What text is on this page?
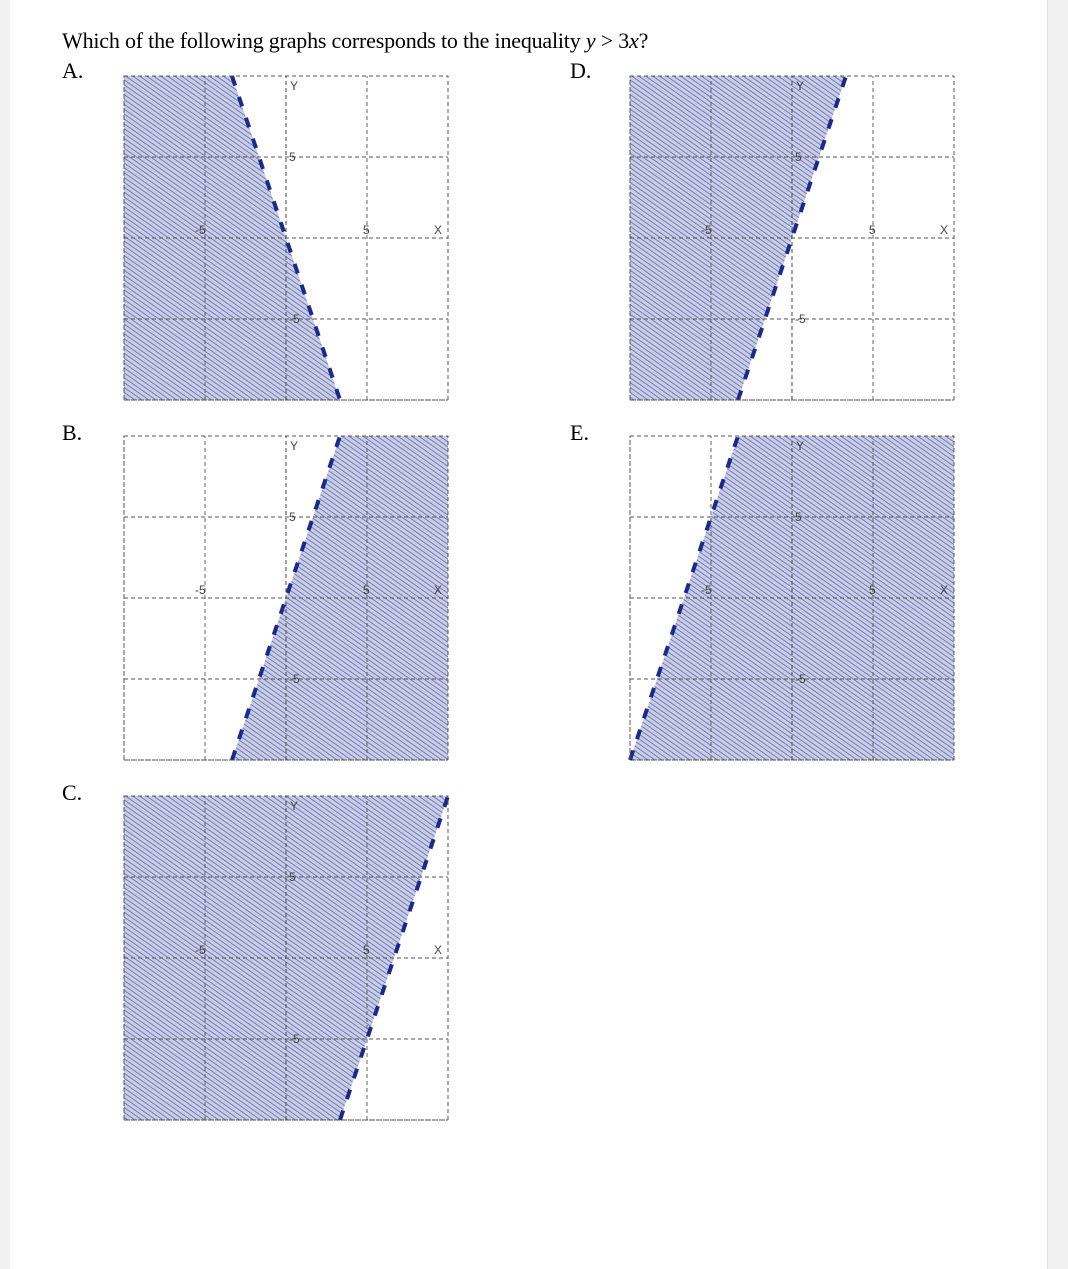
Which of the following graphs corresponds to the inequality y > 3x?
A.	D.
B.	E.
C.
Y
X
5
-5
5
-5
Y
X
5
-5
5
-5
Y
X
5
-5
5
-5
Y
X
5
-5
5
-5
Y
X
5
-5
5
-5
